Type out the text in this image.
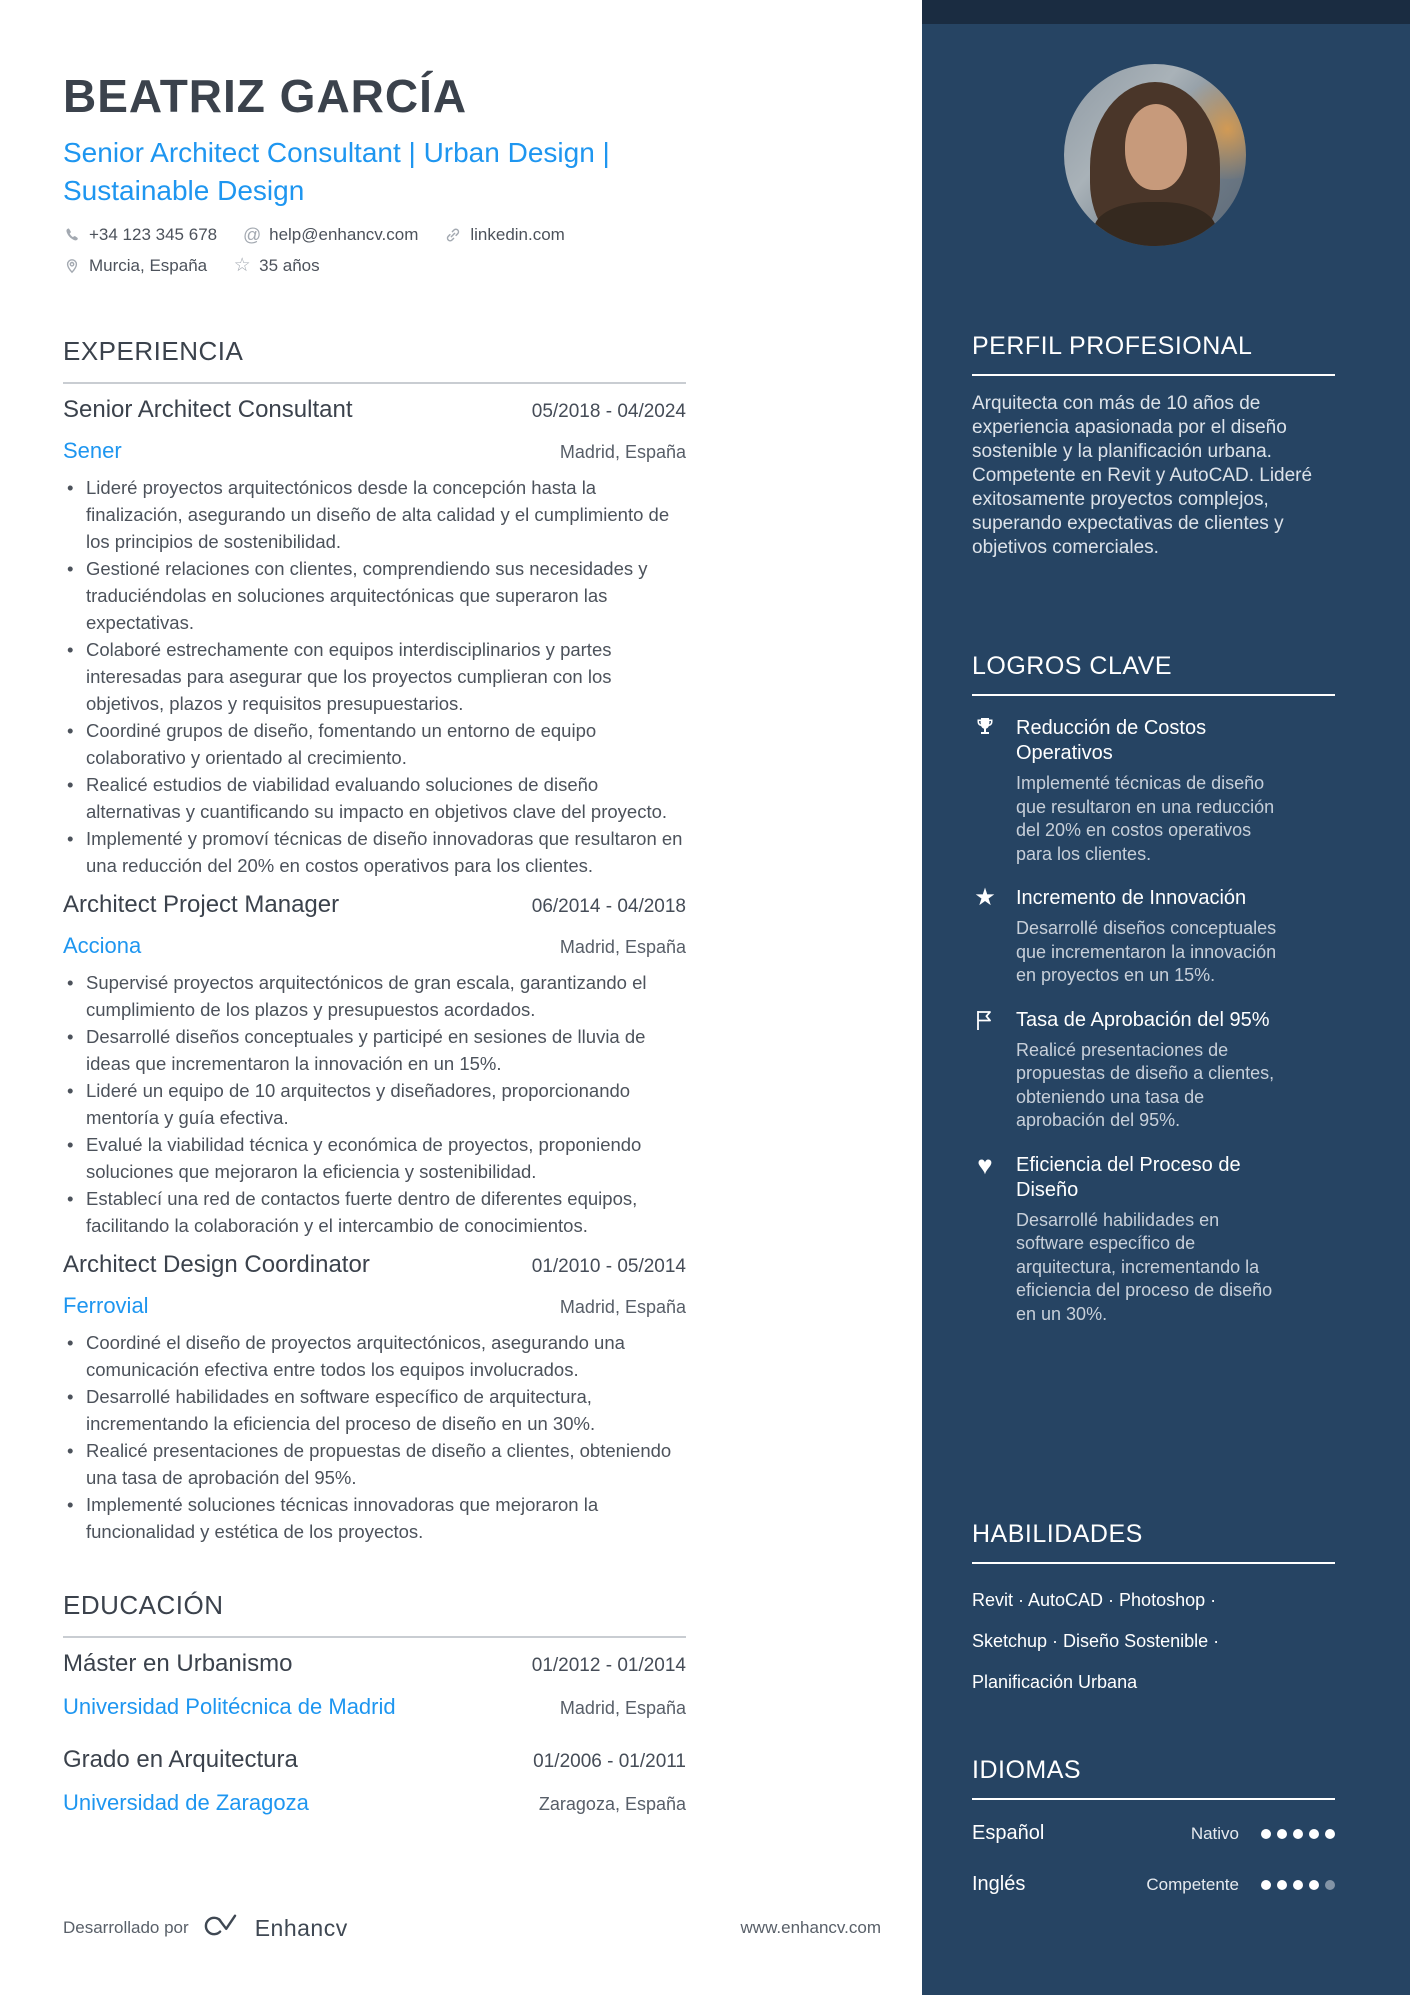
BEATRIZ GARCÍA
Senior Architect Consultant | Urban Design | Sustainable Design
+34 123 345 678 @ help@enhancv.com	linkedin.com
Murcia, España ☆ 35 años
EXPERIENCIA
Senior Architect Consultant	05/2018 - 04/2024
Sener	Madrid, España
• Lideré proyectos arquitectónicos desde la concepción hasta la finalización, asegurando un diseño de alta calidad y el cumplimiento de los principios de sostenibilidad.
• Gestioné relaciones con clientes, comprendiendo sus necesidades y traduciéndolas en soluciones arquitectónicas que superaron las expectativas.
• Colaboré estrechamente con equipos interdisciplinarios y partes interesadas para asegurar que los proyectos cumplieran con los objetivos, plazos y requisitos presupuestarios.
• Coordiné grupos de diseño, fomentando un entorno de equipo colaborativo y orientado al crecimiento.
• Realicé estudios de viabilidad evaluando soluciones de diseño alternativas y cuantificando su impacto en objetivos clave del proyecto.
• Implementé y promoví técnicas de diseño innovadoras que resultaron en una reducción del 20% en costos operativos para los clientes.
Architect Project Manager	06/2014 - 04/2018
Acciona	Madrid, España
• Supervisé proyectos arquitectónicos de gran escala, garantizando el cumplimiento de los plazos y presupuestos acordados.
• Desarrollé diseños conceptuales y participé en sesiones de lluvia de ideas que incrementaron la innovación en un 15%.
• Lideré un equipo de 10 arquitectos y diseñadores, proporcionando mentoría y guía efectiva.
• Evalué la viabilidad técnica y económica de proyectos, proponiendo soluciones que mejoraron la eficiencia y sostenibilidad.
• Establecí una red de contactos fuerte dentro de diferentes equipos, facilitando la colaboración y el intercambio de conocimientos.
Architect Design Coordinator	01/2010 - 05/2014
Ferrovial	Madrid, España
• Coordiné el diseño de proyectos arquitectónicos, asegurando una comunicación efectiva entre todos los equipos involucrados.
• Desarrollé habilidades en software específico de arquitectura, incrementando la eficiencia del proceso de diseño en un 30%.
• Realicé presentaciones de propuestas de diseño a clientes, obteniendo una tasa de aprobación del 95%.
• Implementé soluciones técnicas innovadoras que mejoraron la funcionalidad y estética de los proyectos.
EDUCACIÓN
Máster en Urbanismo	01/2012 - 01/2014
Universidad Politécnica de Madrid	Madrid, España
Grado en Arquitectura	01/2006 - 01/2011
Universidad de Zaragoza	Zaragoza, España
Desarrollado por	Enhancv	www.enhancv.com
PERFIL PROFESIONAL
Arquitecta con más de 10 años de experiencia apasionada por el diseño sostenible y la planificación urbana. Competente en Revit y AutoCAD. Lideré exitosamente proyectos complejos, superando expectativas de clientes y objetivos comerciales.
LOGROS CLAVE
Reducción de Costos Operativos
Implementé técnicas de diseño que resultaron en una reducción del 20% en costos operativos para los clientes.
★ Incremento de Innovación
Desarrollé diseños conceptuales que incrementaron la innovación en proyectos en un 15%.
Tasa de Aprobación del 95%
Realicé presentaciones de propuestas de diseño a clientes, obteniendo una tasa de aprobación del 95%.
♥ Eficiencia del Proceso de Diseño
Desarrollé habilidades en software específico de arquitectura, incrementando la eficiencia del proceso de diseño en un 30%.
HABILIDADES
Revit · AutoCAD · Photoshop · Sketchup · Diseño Sostenible · Planificación Urbana
IDIOMAS
Español	Nativo
Inglés	Competente
